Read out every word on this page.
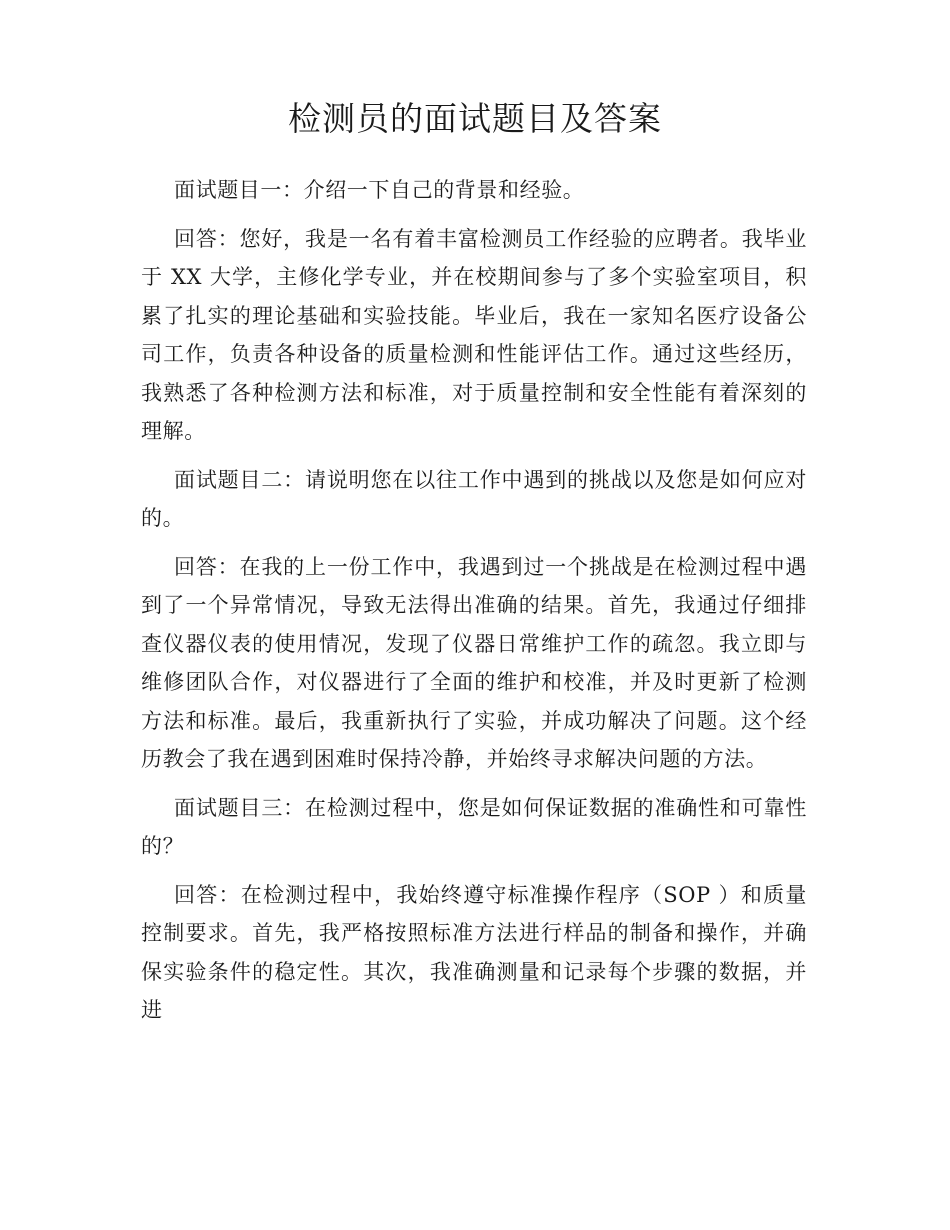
检测员的面试题目及答案

面试题目一：介绍一下自己的背景和经验。

回答：您好，我是一名有着丰富检测员工作经验的应聘者。我毕业于 XX 大学，主修化学专业，并在校期间参与了多个实验室项目，积累了扎实的理论基础和实验技能。毕业后，我在一家知名医疗设备公司工作，负责各种设备的质量检测和性能评估工作。通过这些经历，我熟悉了各种检测方法和标准，对于质量控制和安全性能有着深刻的理解。

面试题目二：请说明您在以往工作中遇到的挑战以及您是如何应对的。

回答：在我的上一份工作中，我遇到过一个挑战是在检测过程中遇到了一个异常情况，导致无法得出准确的结果。首先，我通过仔细排查仪器仪表的使用情况，发现了仪器日常维护工作的疏忽。我立即与维修团队合作，对仪器进行了全面的维护和校准，并及时更新了检测方法和标准。最后，我重新执行了实验，并成功解决了问题。这个经历教会了我在遇到困难时保持冷静，并始终寻求解决问题的方法。

面试题目三：在检测过程中，您是如何保证数据的准确性和可靠性的？

回答：在检测过程中，我始终遵守标准操作程序（SOP ）和质量控制要求。首先，我严格按照标准方法进行样品的制备和操作，并确保实验条件的稳定性。其次，我准确测量和记录每个步骤的数据，并进
